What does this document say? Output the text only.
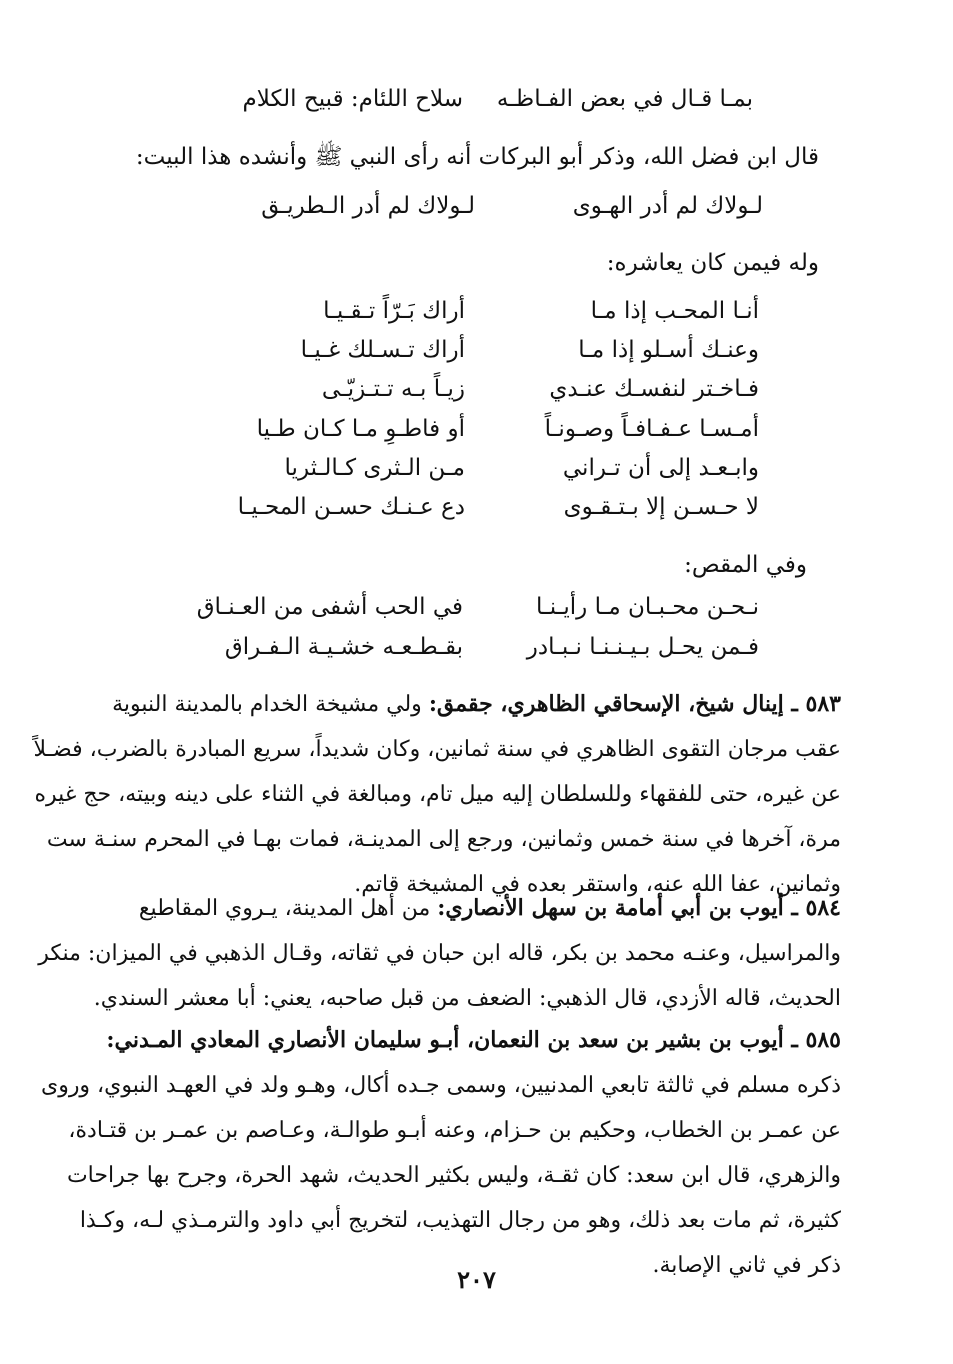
بمـا قـال في بعض الفـاظـه
سلاح اللئام: قبيح الكلام
قال ابن فضل الله، وذكر أبو البركات أنه رأى النبي ﷺ وأنشده هذا البيت:
لـولاك لم أدر الهـوى
لـولاك لم أدر الـطريـق
وله فيمن كان يعاشره:
أنـا المحـب إذا مـا
أراك بَـرّاً تـقـيـا
وعنـك أسـلو إذا مـا
أراك تـسـلك غـيـا
فـاخـتر لنفسـك عنـدي
زيـاً بـه تـتـزيّـى
أمـسـا عـفـافـاً وصـونـاً
أو فاطـوِ مـا كـان طـيا
وابـعـد إلى أن تـراني
مـن الـثرى كـالـثريا
لا حـسـن إلا بـتـقـوى
دع عـنـك حسـن المحـيـا
وفي المقص:
نـحـن محـبـان مـا رأيـنـا
في الحب أشفى من العـنـاق
فـمن يحـل بـيـنـنـا نـبـادر
بقـطـعـه خشـيـة الـفـراق
٥٨٣ ـ إينال شيخ، الإسحاقي الظاهري، جقمق: ولي مشيخة الخدام بالمدينة النبوية
عقب مرجان التقوى الظاهري في سنة ثمانين، وكان شديداً، سريع المبادرة بالضرب، فضـلاً
عن غيره، حتى للفقهاء وللسلطان إليه ميل تام، ومبالغة في الثناء على دينه وبيته، حج غيره
مرة، آخرها في سنة خمس وثمانين، ورجع إلى المدينـة، فمات بهـا في المحرم سنـة ست
وثمانين، عفا الله عنه، واستقر بعده في المشيخة قاتم.
٥٨٤ ـ أيوب بن أبي أمامة بن سهل الأنصاري: من أهل المدينة، يـروي المقاطيع
والمراسيل، وعنـه محمد بن بكر، قاله ابن حبان في ثقاته، وقـال الذهبي في الميزان: منكر
الحديث، قاله الأزدي، قال الذهبي: الضعف من قبل صاحبه، يعني: أبا معشر السندي.
٥٨٥ ـ أيوب بن بشير بن سعد بن النعمان، أبـو سليمان الأنصاري المعادي المـدني:
ذكره مسلم في ثالثة تابعي المدنيين، وسمى جـده أكال، وهـو ولد في العهـد النبوي، وروى
عن عمـر بن الخطاب، وحكيم بن حـزام، وعنه أبـو طوالـة، وعـاصم بن عمـر بن قتـادة،
والزهري، قال ابن سعد: كان ثقـة، وليس بكثير الحديث، شهد الحرة، وجرح بها جراحات
كثيرة، ثم مات بعد ذلك، وهو من رجال التهذيب، لتخريج أبي داود والترمـذي لـه، وكـذا
ذكر في ثاني الإصابة.
٢٠٧
